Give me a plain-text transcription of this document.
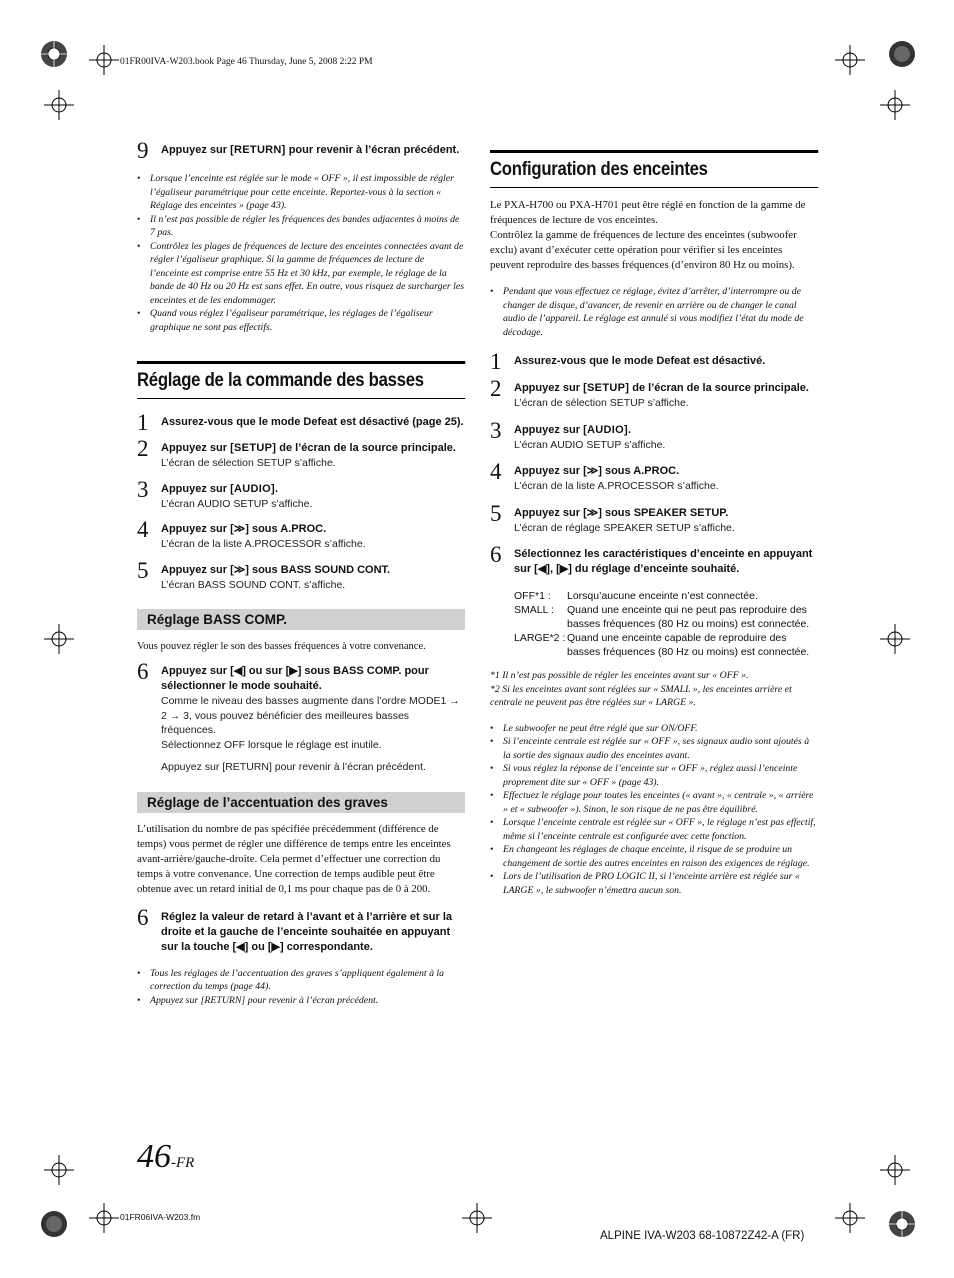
01FR00IVA-W203.book Page 46 Thursday, June 5, 2008 2:22 PM
9 Appuyez sur [RETURN] pour revenir à l’écran précédent.
• Lorsque l’enceinte est réglée sur le mode « OFF », il est impossible de régler l’égaliseur paramétrique pour cette enceinte. Reportez-vous à la section « Réglage des enceintes » (page 43).
• Il n’est pas possible de régler les fréquences des bandes adjacentes à moins de 7 pas.
• Contrôlez les plages de fréquences de lecture des enceintes connectées avant de régler l’égaliseur graphique. Si la gamme de fréquences de lecture de l’enceinte est comprise entre 55 Hz et 30 kHz, par exemple, le réglage de la bande de 40 Hz ou 20 Hz est sans effet. En outre, vous risquez de surcharger les enceintes et de les endommager.
• Quand vous réglez l’égaliseur paramétrique, les réglages de l’égaliseur graphique ne sont pas effectifs.
Réglage de la commande des basses
1 Assurez-vous que le mode Defeat est désactivé (page 25).
2 Appuyez sur [SETUP] de l’écran de la source principale.
L’écran de sélection SETUP s’affiche.
3 Appuyez sur [AUDIO].
L’écran AUDIO SETUP s’affiche.
4 Appuyez sur [≫] sous A.PROC.
L’écran de la liste A.PROCESSOR s’affiche.
5 Appuyez sur [≫] sous BASS SOUND CONT.
L’écran BASS SOUND CONT. s’affiche.
Réglage BASS COMP.
Vous pouvez régler le son des basses fréquences à votre convenance.
6 Appuyez sur [◀] ou sur [▶] sous BASS COMP. pour sélectionner le mode souhaité.
Comme le niveau des basses augmente dans l’ordre MODE1 → 2 → 3, vous pouvez bénéficier des meilleures basses fréquences.
Sélectionnez OFF lorsque le réglage est inutile.
Appuyez sur [RETURN] pour revenir à l’écran précédent.
Réglage de l’accentuation des graves
L’utilisation du nombre de pas spécifiée précédemment (différence de temps) vous permet de régler une différence de temps entre les enceintes avant-arrière/gauche-droite. Cela permet d’effectuer une correction du temps à votre convenance. Une correction de temps audible peut être obtenue avec un retard initial de 0,1 ms pour chaque pas de 0 à 200.
6 Réglez la valeur de retard à l’avant et à l’arrière et sur la droite et la gauche de l’enceinte souhaitée en appuyant sur la touche [◀] ou [▶] correspondante.
• Tous les réglages de l’accentuation des graves s’appliquent également à la correction du temps (page 44).
• Appuyez sur [RETURN] pour revenir à l’écran précédent.
Configuration des enceintes
Le PXA-H700 ou PXA-H701 peut être réglé en fonction de la gamme de fréquences de lecture de vos enceintes.
Contrôlez la gamme de fréquences de lecture des enceintes (subwoofer exclu) avant d’exécuter cette opération pour vérifier si les enceintes peuvent reproduire des basses fréquences (d’environ 80 Hz ou moins).
• Pendant que vous effectuez ce réglage, évitez d’arrêter, d’interrompre ou de changer de disque, d’avancer, de revenir en arrière ou de changer le canal audio de l’appareil. Le réglage est annulé si vous modifiez l’état du mode de décodage.
1 Assurez-vous que le mode Defeat est désactivé.
2 Appuyez sur [SETUP] de l’écran de la source principale.
L’écran de sélection SETUP s’affiche.
3 Appuyez sur [AUDIO].
L’écran AUDIO SETUP s’affiche.
4 Appuyez sur [≫] sous A.PROC.
L’écran de la liste A.PROCESSOR s’affiche.
5 Appuyez sur [≫] sous SPEAKER SETUP.
L’écran de réglage SPEAKER SETUP s’affiche.
6 Sélectionnez les caractéristiques d’enceinte en appuyant sur [◀], [▶] du réglage d’enceinte souhaité.
OFF*1 :	Lorsqu’aucune enceinte n’est connectée.
SMALL :	Quand une enceinte qui ne peut pas reproduire des basses fréquences (80 Hz ou moins) est connectée.
LARGE*2 : Quand une enceinte capable de reproduire des basses fréquences (80 Hz ou moins) est connectée.
*1 Il n’est pas possible de régler les enceintes avant sur « OFF ».
*2 Si les enceintes avant sont réglées sur « SMALL », les enceintes arrière et centrale ne peuvent pas être réglées sur « LARGE ».
• Le subwoofer ne peut être réglé que sur ON/OFF.
• Si l’enceinte centrale est réglée sur « OFF », ses signaux audio sont ajoutés à la sortie des signaux audio des enceintes avant.
• Si vous réglez la réponse de l’enceinte sur « OFF », réglez aussi l’enceinte proprement dite sur « OFF » (page 43).
• Effectuez le réglage pour toutes les enceintes (« avant », « centrale », « arrière » et « subwoofer »). Sinon, le son risque de ne pas être équilibré.
• Lorsque l’enceinte centrale est réglée sur « OFF », le réglage n’est pas effectif, même si l’enceinte centrale est configurée avec cette fonction.
• En changeant les réglages de chaque enceinte, il risque de se produire un changement de sortie des autres enceintes en raison des exigences de réglage.
• Lors de l’utilisation de PRO LOGIC II, si l’enceinte arrière est réglée sur « LARGE », le subwoofer n’émettra aucun son.
46-FR
01FR06IVA-W203.fm
ALPINE IVA-W203 68-10872Z42-A (FR)
